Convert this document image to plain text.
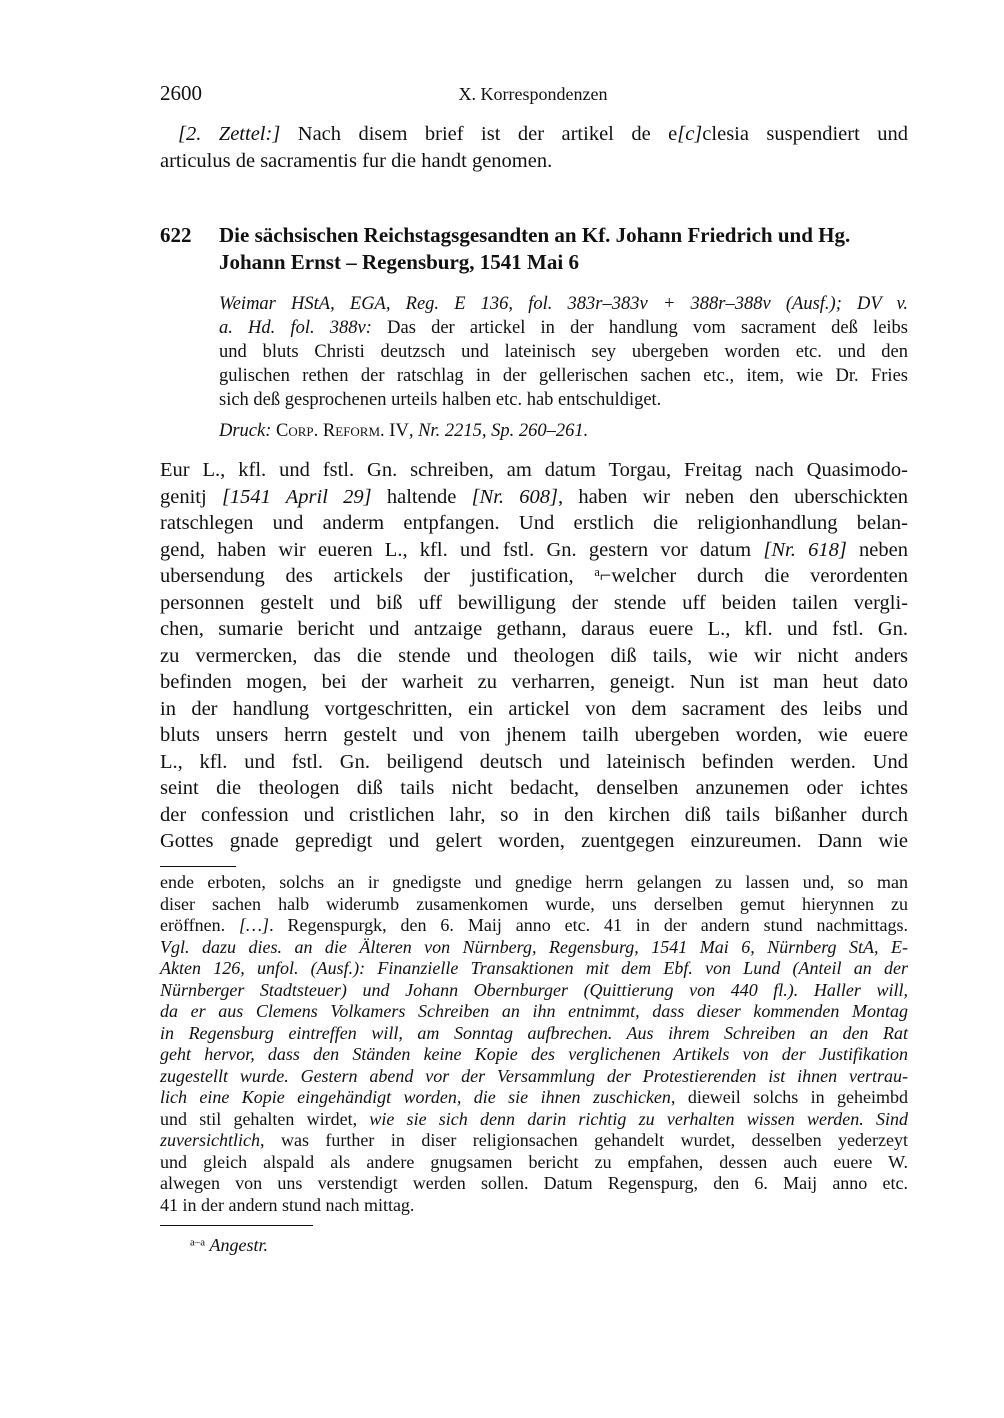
2600	X. Korrespondenzen
[2. Zettel:] Nach disem brief ist der artikel de e[c]clesia suspendiert und
articulus de sacramentis fur die handt genomen.
622 Die sächsischen Reichstagsgesandten an Kf. Johann Friedrich und Hg.
Johann Ernst – Regensburg, 1541 Mai 6
Weimar HStA, EGA, Reg. E 136, fol. 383r–383v + 388r–388v (Ausf.); DV v.
a. Hd. fol. 388v: Das der artickel in der handlung vom sacrament deß leibs
und bluts Christi deutzsch und lateinisch sey ubergeben worden etc. und den
gulischen rethen der ratschlag in der gellerischen sachen etc., item, wie Dr. Fries
sich deß gesprochenen urteils halben etc. hab entschuldiget.
Druck: Corp. Reform. IV, Nr. 2215, Sp. 260–261.
Eur L., kfl. und fstl. Gn. schreiben, am datum Torgau, Freitag nach Quasimodo-
genitj [1541 April 29] haltende [Nr. 608], haben wir neben den uberschickten
ratschlegen und anderm entpfangen. Und erstlich die religionhandlung belan-
gend, haben wir eueren L., kfl. und fstl. Gn. gestern vor datum [Nr. 618] neben
ubersendung des artickels der justification, $^a$⌐welcher durch die verordenten
personnen gestelt und biß uff bewilligung der stende uff beiden tailen vergli-
chen, sumarie bericht und antzaige gethann, daraus euere L., kfl. und fstl. Gn.
zu vermercken, das die stende und theologen diß tails, wie wir nicht anders
befinden mogen, bei der warheit zu verharren, geneigt. Nun ist man heut dato
in der handlung vortgeschritten, ein artickel von dem sacrament des leibs und
bluts unsers herrn gestelt und von jhenem tailh ubergeben worden, wie euere
L., kfl. und fstl. Gn. beiligend deutsch und lateinisch befinden werden. Und
seint die theologen diß tails nicht bedacht, denselben anzunemen oder ichtes
der confession und cristlichen lahr, so in den kirchen diß tails bißanher durch
Gottes gnade gepredigt und gelert worden, zuentgegen einzureumen. Dann wie
ende erboten, solchs an ir gnedigste und gnedige herrn gelangen zu lassen und, so man
diser sachen halb widerumb zusamenkomen wurde, uns derselben gemut hierynnen zu
eröffnen. […]. Regenspurgk, den 6. Maij anno etc. 41 in der andern stund nachmittags.
Vgl. dazu dies. an die Älteren von Nürnberg, Regensburg, 1541 Mai 6, Nürnberg StA, E-
Akten 126, unfol. (Ausf.): Finanzielle Transaktionen mit dem Ebf. von Lund (Anteil an der
Nürnberger Stadtsteuer) und Johann Obernburger (Quittierung von 440 fl.). Haller will,
da er aus Clemens Volkamers Schreiben an ihn entnimmt, dass dieser kommenden Montag
in Regensburg eintreffen will, am Sonntag aufbrechen. Aus ihrem Schreiben an den Rat
geht hervor, dass den Ständen keine Kopie des verglichenen Artikels von der Justifikation
zugestellt wurde. Gestern abend vor der Versammlung der Protestierenden ist ihnen vertrau-
lich eine Kopie eingehändigt worden, die sie ihnen zuschicken, dieweil solchs in geheimbd
und stil gehalten wirdet, wie sie sich denn darin richtig zu verhalten wissen werden. Sind
zuversichtlich, was further in diser religionsachen gehandelt wurdet, desselben yederzeyt
und gleich alspald als andere gnugsamen bericht zu empfahen, dessen auch euere W.
alwegen von uns verstendigt werden sollen. Datum Regenspurg, den 6. Maij anno etc.
41 in der andern stund nach mittag.
$^{a-a}$ Angestr.
